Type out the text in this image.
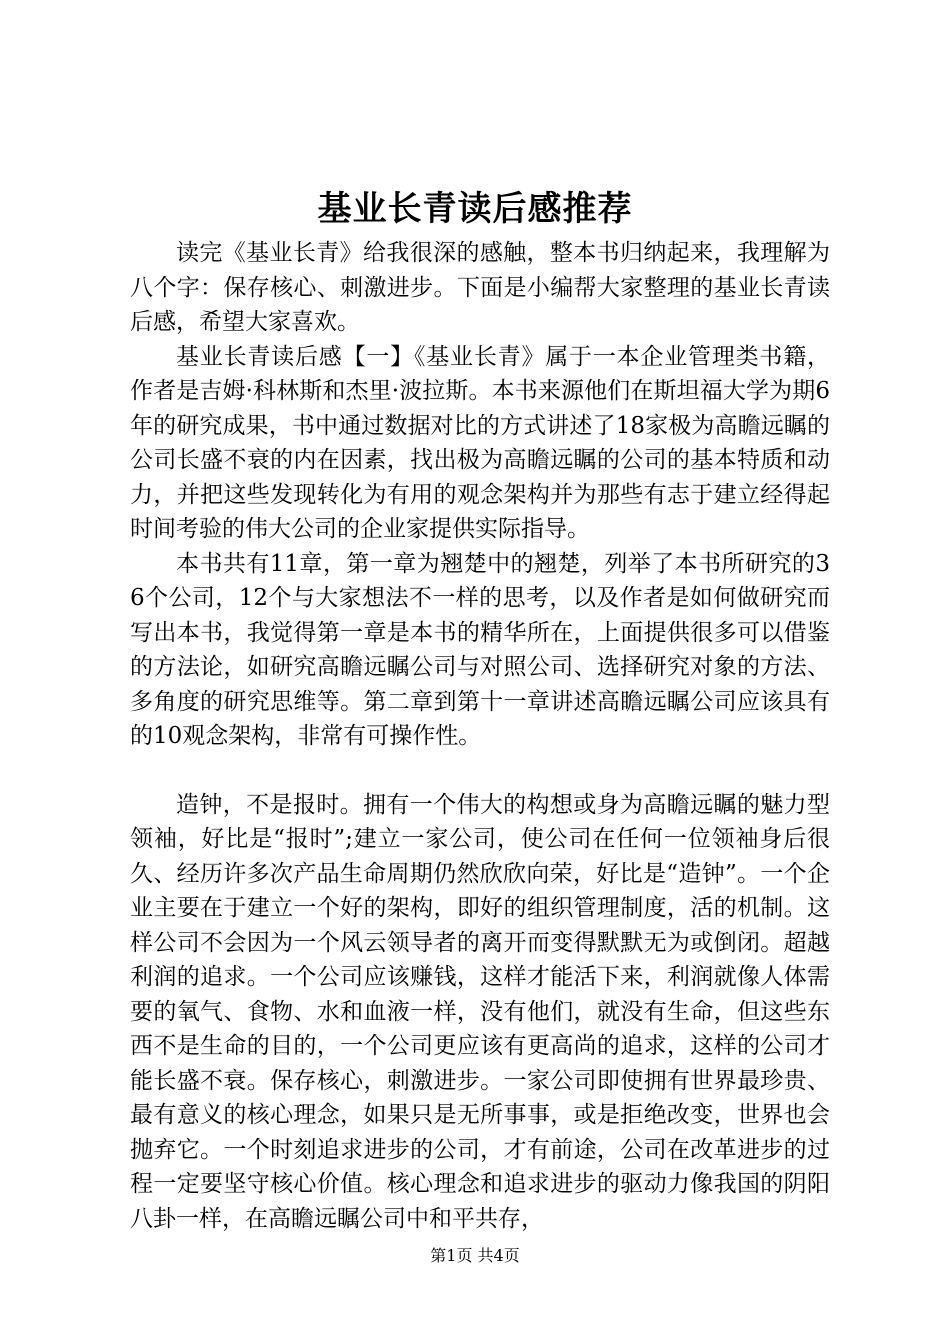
基业长青读后感推荐

读完《基业长青》给我很深的感触，整本书归纳起来，我理解为八个字：保存核心、刺激进步。下面是小编帮大家整理的基业长青读后感，希望大家喜欢。

基业长青读后感【一】《基业长青》属于一本企业管理类书籍，作者是吉姆·科林斯和杰里·波拉斯。本书来源他们在斯坦福大学为期6年的研究成果，书中通过数据对比的方式讲述了18家极为高瞻远瞩的公司长盛不衰的内在因素，找出极为高瞻远瞩的公司的基本特质和动力，并把这些发现转化为有用的观念架构并为那些有志于建立经得起时间考验的伟大公司的企业家提供实际指导。

本书共有11章，第一章为翘楚中的翘楚，列举了本书所研究的36个公司，12个与大家想法不一样的思考，以及作者是如何做研究而写出本书，我觉得第一章是本书的精华所在，上面提供很多可以借鉴的方法论，如研究高瞻远瞩公司与对照公司、选择研究对象的方法、多角度的研究思维等。第二章到第十一章讲述高瞻远瞩公司应该具有的10观念架构，非常有可操作性。

造钟，不是报时。拥有一个伟大的构想或身为高瞻远瞩的魅力型领袖，好比是“报时”;建立一家公司，使公司在任何一位领袖身后很久、经历许多次产品生命周期仍然欣欣向荣，好比是“造钟”。一个企业主要在于建立一个好的架构，即好的组织管理制度，活的机制。这样公司不会因为一个风云领导者的离开而变得默默无为或倒闭。超越利润的追求。一个公司应该赚钱，这样才能活下来，利润就像人体需要的氧气、食物、水和血液一样，没有他们，就没有生命，但这些东西不是生命的目的，一个公司更应该有更高尚的追求，这样的公司才能长盛不衰。保存核心，刺激进步。一家公司即使拥有世界最珍贵、最有意义的核心理念，如果只是无所事事，或是拒绝改变，世界也会抛弃它。一个时刻追求进步的公司，才有前途，公司在改革进步的过程一定要坚守核心价值。核心理念和追求进步的驱动力像我国的阴阳八卦一样，在高瞻远瞩公司中和平共存，

第1页 共4页
